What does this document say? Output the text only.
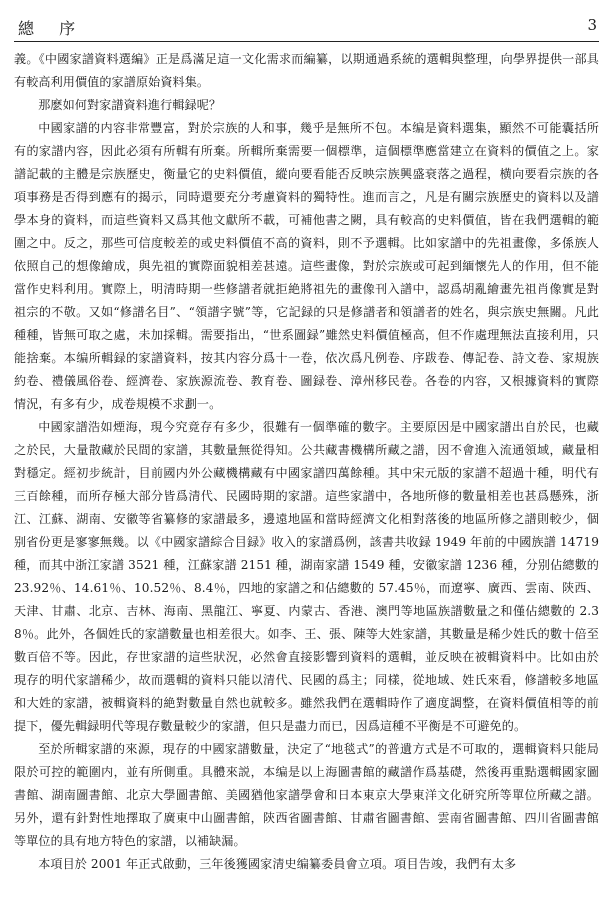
總 序	3

義。《中國家譜資料選編》正是爲滿足這一文化需求而編纂，以期通過系統的選輯與整理，向學界提供一部具有較高利用價值的家譜原始資料集。

那麽如何對家譜資料進行輯録呢？

中國家譜的内容非常豐富，對於宗族的人和事，幾乎是無所不包。本编是資料選集，顯然不可能囊括所有的家譜内容，因此必須有所輯有所棄。所輯所棄需要一個標準，這個標準應當建立在資料的價值之上。家譜記載的主體是宗族歷史，衡量它的史料價值，縱向要看能否反映宗族興盛衰落之過程，横向要看宗族的各項事務是否得到應有的揭示，同時還要充分考慮資料的獨特性。進而言之，凡是有關宗族歷史的資料以及譜學本身的資料，而這些資料又爲其他文獻所不載，可補他書之闕，具有較高的史料價值，皆在我們選輯的範圍之中。反之，那些可信度較差的或史料價值不高的資料，則不予選輯。比如家譜中的先祖畫像，多係族人依照自己的想像繪成，與先祖的實際面貌相差甚遠。這些畫像，對於宗族或可起到緬懷先人的作用，但不能當作史料利用。實際上，明清時期一些修譜者就拒絶將祖先的畫像刊入譜中，認爲胡亂繪畫先祖肖像實是對祖宗的不敬。又如“修譜名目”、“領譜字號”等，它記録的只是修譜者和領譜者的姓名，與宗族史無關。凡此種種，皆無可取之處，未加採輯。需要指出，“世系圖録”雖然史料價值極高，但不作處理無法直接利用，只能捨棄。本编所輯録的家譜資料，按其内容分爲十一卷，依次爲凡例卷、序跋卷、傳記卷、詩文卷、家規族約卷、禮儀風俗卷、經濟卷、家族源流卷、教育卷、圖録卷、漳州移民卷。各卷的内容，又根據資料的實際情況，有多有少，成卷規模不求劃一。

中國家譜浩如煙海，現今究竟存有多少，很難有一個準確的數字。主要原因是中國家譜出自於民，也藏之於民，大量散藏於民間的家譜，其數量無從得知。公共藏書機構所藏之譜，因不會進入流通領域，藏量相對穩定。經初步統計，目前國内外公藏機構藏有中國家譜四萬餘種。其中宋元版的家譜不超過十種，明代有三百餘種，而所存極大部分皆爲清代、民國時期的家譜。這些家譜中，各地所修的數量相差也甚爲懸殊，浙江、江蘇、湖南、安徽等省纂修的家譜最多，邊遠地區和當時經濟文化相對落後的地區所修之譜則較少，個别省份更是寥寥無幾。以《中國家譜綜合目録》收入的家譜爲例，該書共收録 1949 年前的中國族譜 14719 種，而其中浙江家譜 3521 種，江蘇家譜 2151 種，湖南家譜 1549 種，安徽家譜 1236 種，分别佔總數的 23.92％、14.61％、10.52％、8.4％，四地的家譜之和佔總數的 57.45％，而遼寧、廣西、雲南、陝西、天津、甘肅、北京、吉林、海南、黑龍江、寧夏、内蒙古、香港、澳門等地區族譜數量之和僅佔總數的 2.38％。此外，各個姓氏的家譜數量也相差很大。如李、王、張、陳等大姓家譜，其數量是稀少姓氏的數十倍至數百倍不等。因此，存世家譜的這些狀況，必然會直接影響到資料的選輯，並反映在被輯資料中。比如由於現存的明代家譜稀少，故而選輯的資料只能以清代、民國的爲主；同樣，從地域、姓氏來看，修譜較多地區和大姓的家譜，被輯資料的絶對數量自然也就較多。雖然我們在選輯時作了適度調整，在資料價值相等的前提下，優先輯録明代等現存數量較少的家譜，但只是盡力而已，因爲這種不平衡是不可避免的。

至於所輯家譜的來源，現存的中國家譜數量，決定了“地毯式”的普遺方式是不可取的，選輯資料只能局限於可控的範圍内，並有所側重。具體來説，本编是以上海圖書館的藏譜作爲基礎，然後再重點選輯國家圖書館、湖南圖書館、北京大學圖書館、美國猶他家譜學會和日本東京大學東洋文化研究所等單位所藏之譜。另外，還有針對性地擇取了廣東中山圖書館，陝西省圖書館、甘肅省圖書館、雲南省圖書館、四川省圖書館等單位的具有地方特色的家譜，以補缺漏。

本項目於 2001 年正式啟動，三年後獲國家清史编纂委員會立項。項目告竣，我們有太多
